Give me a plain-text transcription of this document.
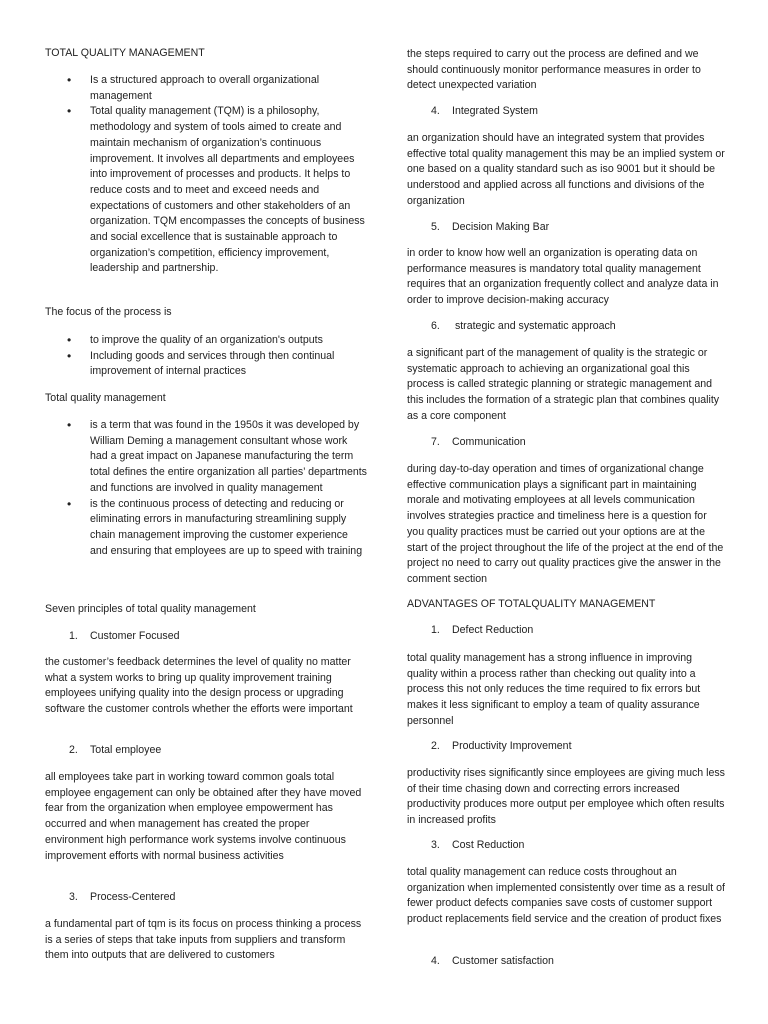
TOTAL QUALITY MANAGEMENT

• Is a structured approach to overall organizational management
• Total quality management (TQM) is a philosophy, methodology and system of tools aimed to create and maintain mechanism of organization’s continuous improvement. It involves all departments and employees into improvement of processes and products. It helps to reduce costs and to meet and exceed needs and expectations of customers and other stakeholders of an organization. TQM encompasses the concepts of business and social excellence that is sustainable approach to organization’s competition, efficiency improvement, leadership and partnership.

The focus of the process is

• to improve the quality of an organization's outputs
• Including goods and services through then continual improvement of internal practices

Total quality management

• is a term that was found in the 1950s it was developed by William Deming a management consultant whose work had a great impact on Japanese manufacturing the term total defines the entire organization all parties’ departments and functions are involved in quality management
• is the continuous process of detecting and reducing or eliminating errors in manufacturing streamlining supply chain management improving the customer experience and ensuring that employees are up to speed with training

Seven principles of total quality management

1. Customer Focused

the customer’s feedback determines the level of quality no matter what a system works to bring up quality improvement training employees unifying quality into the design process or upgrading software the customer controls whether the efforts were important

2. Total employee

all employees take part in working toward common goals total employee engagement can only be obtained after they have moved fear from the organization when employee empowerment has occurred and when management has created the proper environment high performance work systems involve continuous improvement efforts with normal business activities

3. Process-Centered

a fundamental part of tqm is its focus on process thinking a process is a series of steps that take inputs from suppliers and transform them into outputs that are delivered to customers

the steps required to carry out the process are defined and we should continuously monitor performance measures in order to detect unexpected variation

4. Integrated System

an organization should have an integrated system that provides effective total quality management this may be an implied system or one based on a quality standard such as iso 9001 but it should be understood and applied across all functions and divisions of the organization

5. Decision Making Bar

in order to know how well an organization is operating data on performance measures is mandatory total quality management requires that an organization frequently collect and analyze data in order to improve decision-making accuracy

6. strategic and systematic approach

a significant part of the management of quality is the strategic or systematic approach to achieving an organizational goal this process is called strategic planning or strategic management and this includes the formation of a strategic plan that combines quality as a core component

7. Communication

during day-to-day operation and times of organizational change effective communication plays a significant part in maintaining morale and motivating employees at all levels communication involves strategies practice and timeliness here is a question for you quality practices must be carried out your options are at the start of the project throughout the life of the project at the end of the project no need to carry out quality practices give the answer in the comment section

ADVANTAGES OF TOTALQUALITY MANAGEMENT

1. Defect Reduction

total quality management has a strong influence in improving quality within a process rather than checking out quality into a process this not only reduces the time required to fix errors but makes it less significant to employ a team of quality assurance personnel

2. Productivity Improvement

productivity rises significantly since employees are giving much less of their time chasing down and correcting errors increased productivity produces more output per employee which often results in increased profits

3. Cost Reduction

total quality management can reduce costs throughout an organization when implemented consistently over time as a result of fewer product defects companies save costs of customer support product replacements field service and the creation of product fixes

4. Customer satisfaction
